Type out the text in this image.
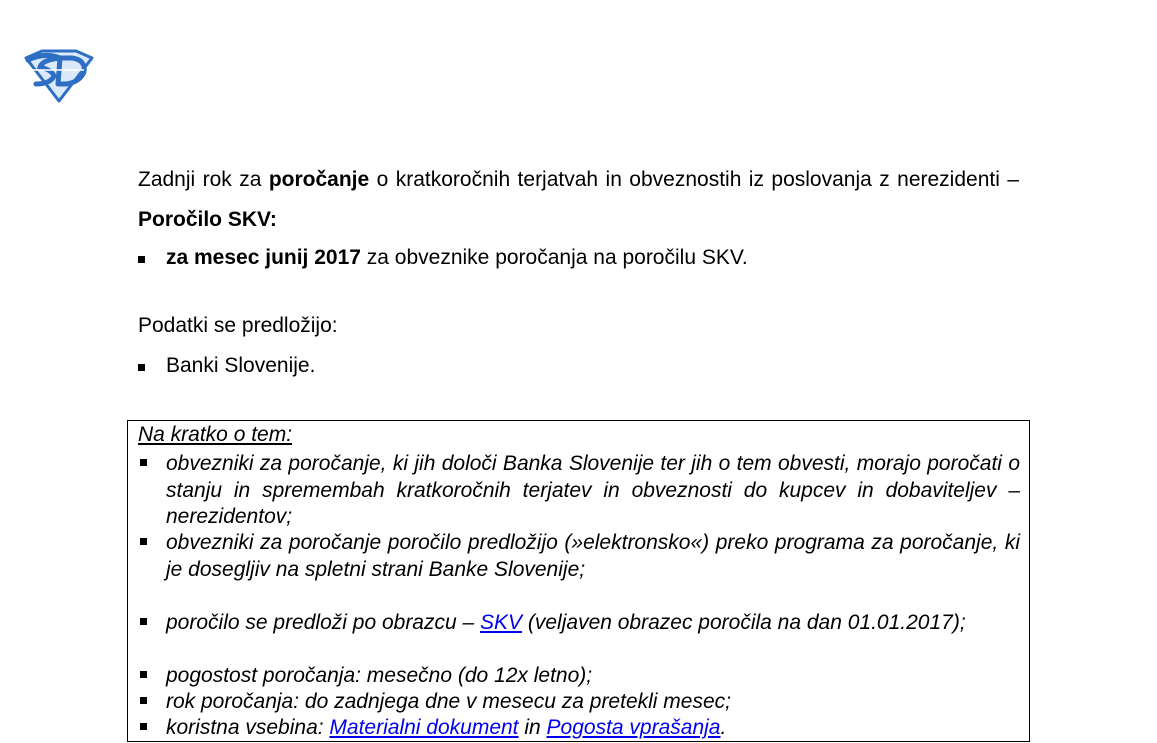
Zadnji rok za poročanje o kratkoročnih terjatvah in obveznostih iz poslovanja z nerezidenti – Poročilo SKV:
za mesec junij 2017 za obveznike poročanja na poročilu SKV.
Podatki se predložijo:
Banki Slovenije.
Na kratko o tem:
obvezniki za poročanje, ki jih določi Banka Slovenije ter jih o tem obvesti, morajo poročati o stanju in spremembah kratkoročnih terjatev in obveznosti do kupcev in dobaviteljev – nerezidentov;
obvezniki za poročanje poročilo predložijo (»elektronsko«) preko programa za poročanje, ki je dosegljiv na spletni strani Banke Slovenije;
poročilo se predloži po obrazcu – SKV (veljaven obrazec poročila na dan 01.01.2017);
pogostost poročanja: mesečno (do 12x letno);
rok poročanja: do zadnjega dne v mesecu za pretekli mesec;
koristna vsebina: Materialni dokument in Pogosta vprašanja.
